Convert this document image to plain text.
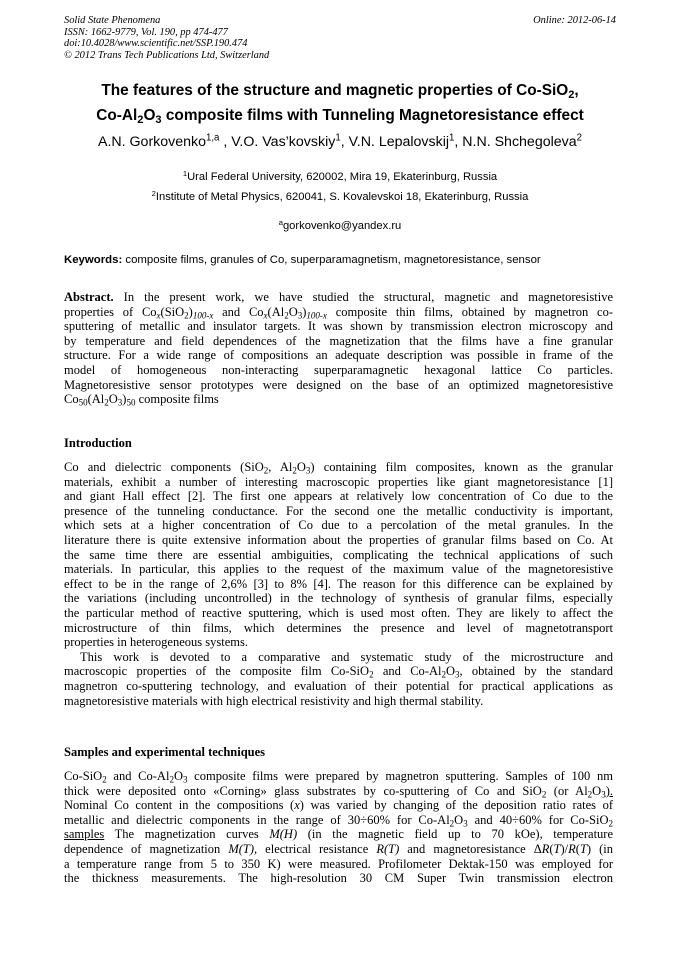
Solid State Phenomena
ISSN: 1662-9779, Vol. 190, pp 474-477
doi:10.4028/www.scientific.net/SSP.190.474
© 2012 Trans Tech Publications Ltd, Switzerland
Online: 2012-06-14
The features of the structure and magnetic properties of Co-SiO$_2$,
$Co-Al_2O_3$ composite films with Tunneling Magnetoresistance effect
A.N. Gorkovenko$^{1,a}$ , V.O. Vas’kovskiy$^1$, V.N. Lepalovskij$^1$, N.N. Shchegoleva$^2$
$^1$Ural Federal University, 620002, Mira 19, Ekaterinburg, Russia
$^2$Institute of Metal Physics, 620041, S. Kovalevskoi 18, Ekaterinburg, Russia
$^a$gorkovenko@yandex.ru
Keywords: composite films, granules of Co, superparamagnetism, magnetoresistance, sensor
Abstract. In the present work, we have studied the structural, magnetic and magnetoresistive
properties of $Co_x(SiO_2)_{100-x}$ and $Co_x(Al_2O_3)_{100-x}$ composite thin films, obtained by magnetron co-
sputtering of metallic and insulator targets. It was shown by transmission electron microscopy and
by temperature and field dependences of the magnetization that the films have a fine granular
structure. For a wide range of compositions an adequate description was possible in frame of the
model of homogeneous non-interacting superparamagnetic hexagonal lattice Co particles.
Magnetoresistive sensor prototypes were designed on the base of an optimized magnetoresistive
$Co_{50}(Al_2O_3)_{50}$ composite films
Introduction
Co and dielectric components (SiO$_2$, $Al_2O_3$) containing film composites, known as the granular
materials, exhibit a number of interesting macroscopic properties like giant magnetoresistance [1]
and giant Hall effect [2]. The first one appears at relatively low concentration of Co due to the
presence of the tunneling conductance. For the second one the metallic conductivity is important,
which sets at a higher concentration of Co due to a percolation of the metal granules. In the
literature there is quite extensive information about the properties of granular films based on Co. At
the same time there are essential ambiguities, complicating the technical applications of such
materials. In particular, this applies to the request of the maximum value of the magnetoresistive
effect to be in the range of 2,6% [3] to 8% [4]. The reason for this difference can be explained by
the variations (including uncontrolled) in the technology of synthesis of granular films, especially
the particular method of reactive sputtering, which is used most often. They are likely to affect the
microstructure of thin films, which determines the presence and level of magnetotransport
properties in heterogeneous systems.
This work is devoted to a comparative and systematic study of the microstructure and
macroscopic properties of the composite film Co-SiO$_2$ and $Co-Al_2O_3$, obtained by the standard
magnetron co-sputtering technology, and evaluation of their potential for practical applications as
magnetoresistive materials with high electrical resistivity and high thermal stability.
Samples and experimental techniques
Co-SiO$_2$ and $Co-Al_2O_3$ composite films were prepared by magnetron sputtering. Samples of 100 nm
thick were deposited onto «Corning» glass substrates by co-sputtering of Co and SiO$_2$ (or $Al_2O_3$).
Nominal Co content in the compositions (x) was varied by changing of the deposition ratio rates of
metallic and dielectric components in the range of 30÷60% for $Co-Al_2O_3$ and 40÷60% for Co-SiO$_2$
samples The magnetization curves M(H) (in the magnetic field up to 70 kOe), temperature
dependence of magnetization M(T), electrical resistance R(T) and magnetoresistance ΔR(T)/R(T) (in
a temperature range from 5 to 350 K) were measured. Profilometer Dektak-150 was employed for
the thickness measurements. The high-resolution 30 CM Super Twin transmission electron
